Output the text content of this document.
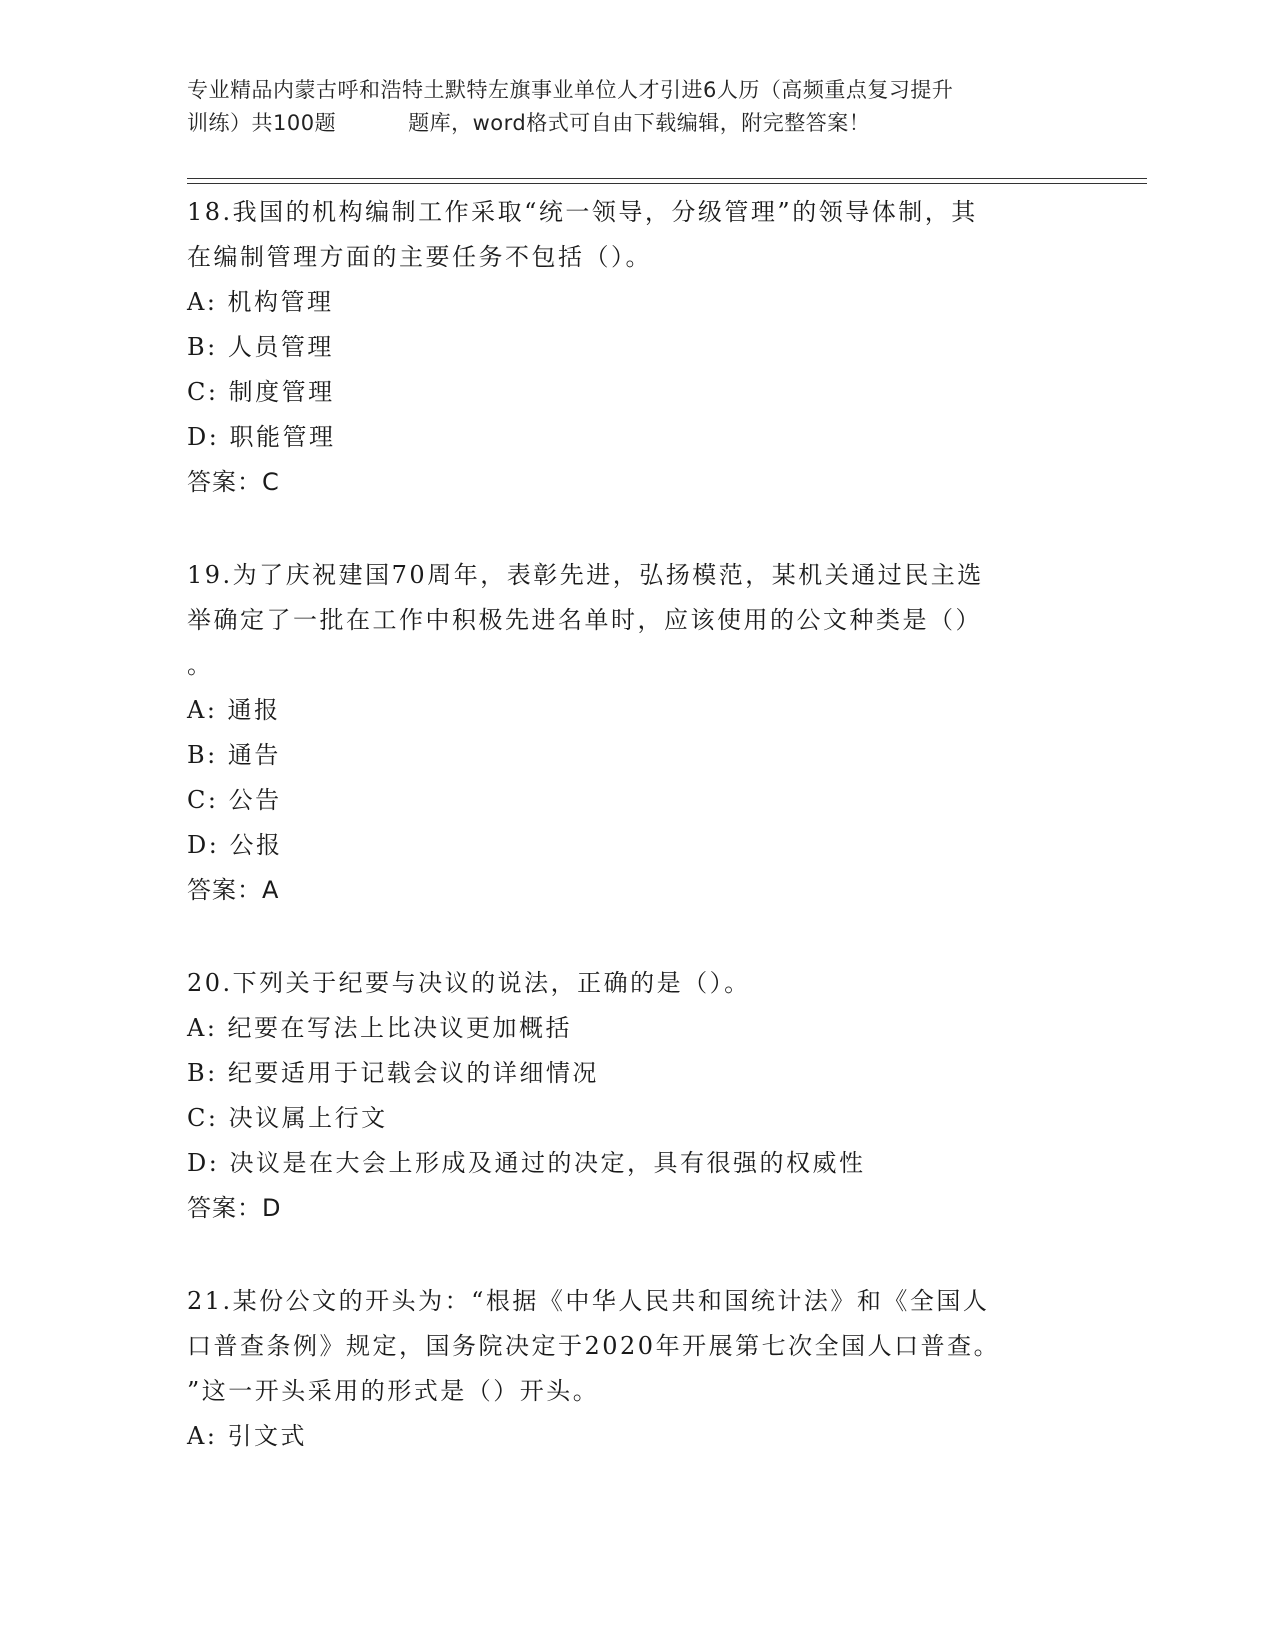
专业精品内蒙古呼和浩特土默特左旗事业单位人才引进6人历（高频重点复习提升
训练）共100题	题库，word格式可自由下载编辑，附完整答案！

18.我国的机构编制工作采取“统一领导，分级管理”的领导体制，其

在编制管理方面的主要任务不包括（）。

A: 机构管理

B: 人员管理

C: 制度管理

D: 职能管理

答案：C

19.为了庆祝建国70周年，表彰先进，弘扬模范，某机关通过民主选

举确定了一批在工作中积极先进名单时，应该使用的公文种类是（）

。

A: 通报

B: 通告

C: 公告

D: 公报

答案：A

20.下列关于纪要与决议的说法，正确的是（）。

A: 纪要在写法上比决议更加概括

B: 纪要适用于记载会议的详细情况

C: 决议属上行文

D: 决议是在大会上形成及通过的决定，具有很强的权威性

答案：D

21.某份公文的开头为：“根据《中华人民共和国统计法》和《全国人

口普查条例》规定，国务院决定于2020年开展第七次全国人口普查。

”这一开头采用的形式是（）开头。

A: 引文式
